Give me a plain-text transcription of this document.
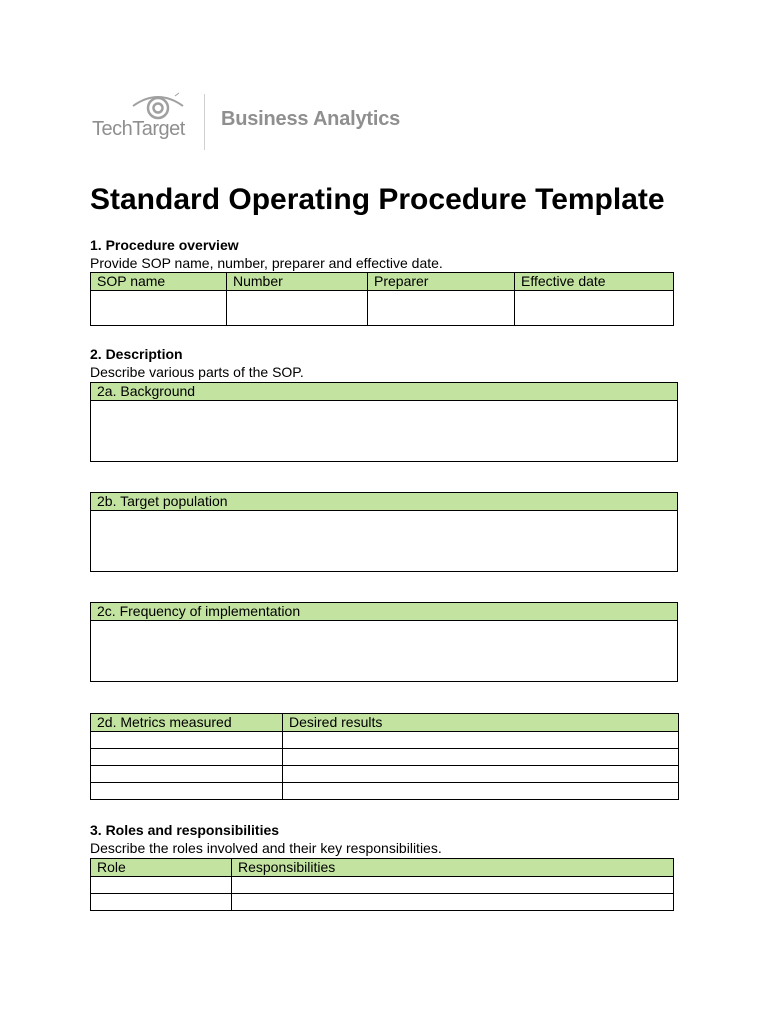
TechTarget Business Analytics
Standard Operating Procedure Template
1. Procedure overview
Provide SOP name, number, preparer and effective date.
SOP name	Number	Preparer	Effective date

2. Description
Describe various parts of the SOP.
2a. Background

2b. Target population

2c. Frequency of implementation

2d. Metrics measured	Desired results

3. Roles and responsibilities
Describe the roles involved and their key responsibilities.
Role	Responsibilities
